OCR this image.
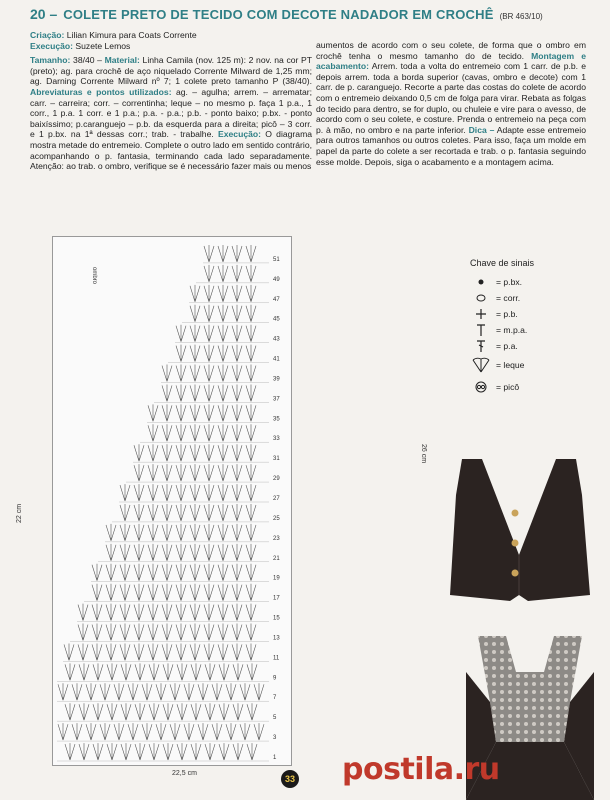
20 – COLETE PRETO DE TECIDO COM DECOTE NADADOR EM CROCHÊ (BR 463/10)

Criação: Lilian Kimura para Coats Corrente

Execução: Suzete Lemos

Tamanho: 38/40 – Material: Linha Camila (nov. 125 m): 2 nov. na cor PT (preto); ag. para crochê de aço niquelado Corrente Milward de 1,25 mm; ag. Darning Corrente Milward nº 7; 1 colete preto tamanho P (38/40). Abreviaturas e pontos utilizados: ag. – agulha; arrem. – arrematar; carr. – carreira; corr. – correntinha; leque – no mesmo p. faça 1 p.a., 1 corr., 1 p.a. 1 corr. e 1 p.a.; p.a. - p.a.; p.b. - ponto baixo; p.bx. - ponto baixíssimo; p.caranguejo – p.b. da esquerda para a direita; picô – 3 corr. e 1 p.bx. na 1ª dessas corr.; trab. - trabalhe. Execução: O diagrama mostra metade do entremeio. Complete o outro lado em sentido contrário, acompanhando o p. fantasia, terminando cada lado separadamente. Atenção: ao trab. o ombro, verifique se é necessário fazer mais ou menos

aumentos de acordo com o seu colete, de forma que o ombro em crochê tenha o mesmo tamanho do de tecido. Montagem e acabamento: Arrem. toda a volta do entremeio com 1 carr. de p.b. e depois arrem. toda a borda superior (cavas, ombro e decote) com 1 carr. de p. caranguejo. Recorte a parte das costas do colete de acordo com o entremeio deixando 0,5 cm de folga para virar. Rebata as folgas do tecido para dentro, se for duplo, ou chuleie e vire para o avesso, de acordo com o seu colete, e costure. Prenda o entremeio na peça com p. à mão, no ombro e na parte inferior. Dica – Adapte esse entremeio para outros tamanhos ou outros coletes. Para isso, faça um molde em papel da parte do colete a ser recortada e trab. o p. fantasia seguindo esse molde. Depois, siga o acabamento e a montagem acima.

51
49
47
45
43
41
39
37
35
33
31
29
27
25
23
21
19
17
15
13
11
9
7
5
3
1
ombro
22 cm
22,5 cm
26 cm
33
Chave de sinais
= p.bx.
= corr.
= p.b.
= m.p.a.
= p.a.
= leque
= picô
postila.ru
